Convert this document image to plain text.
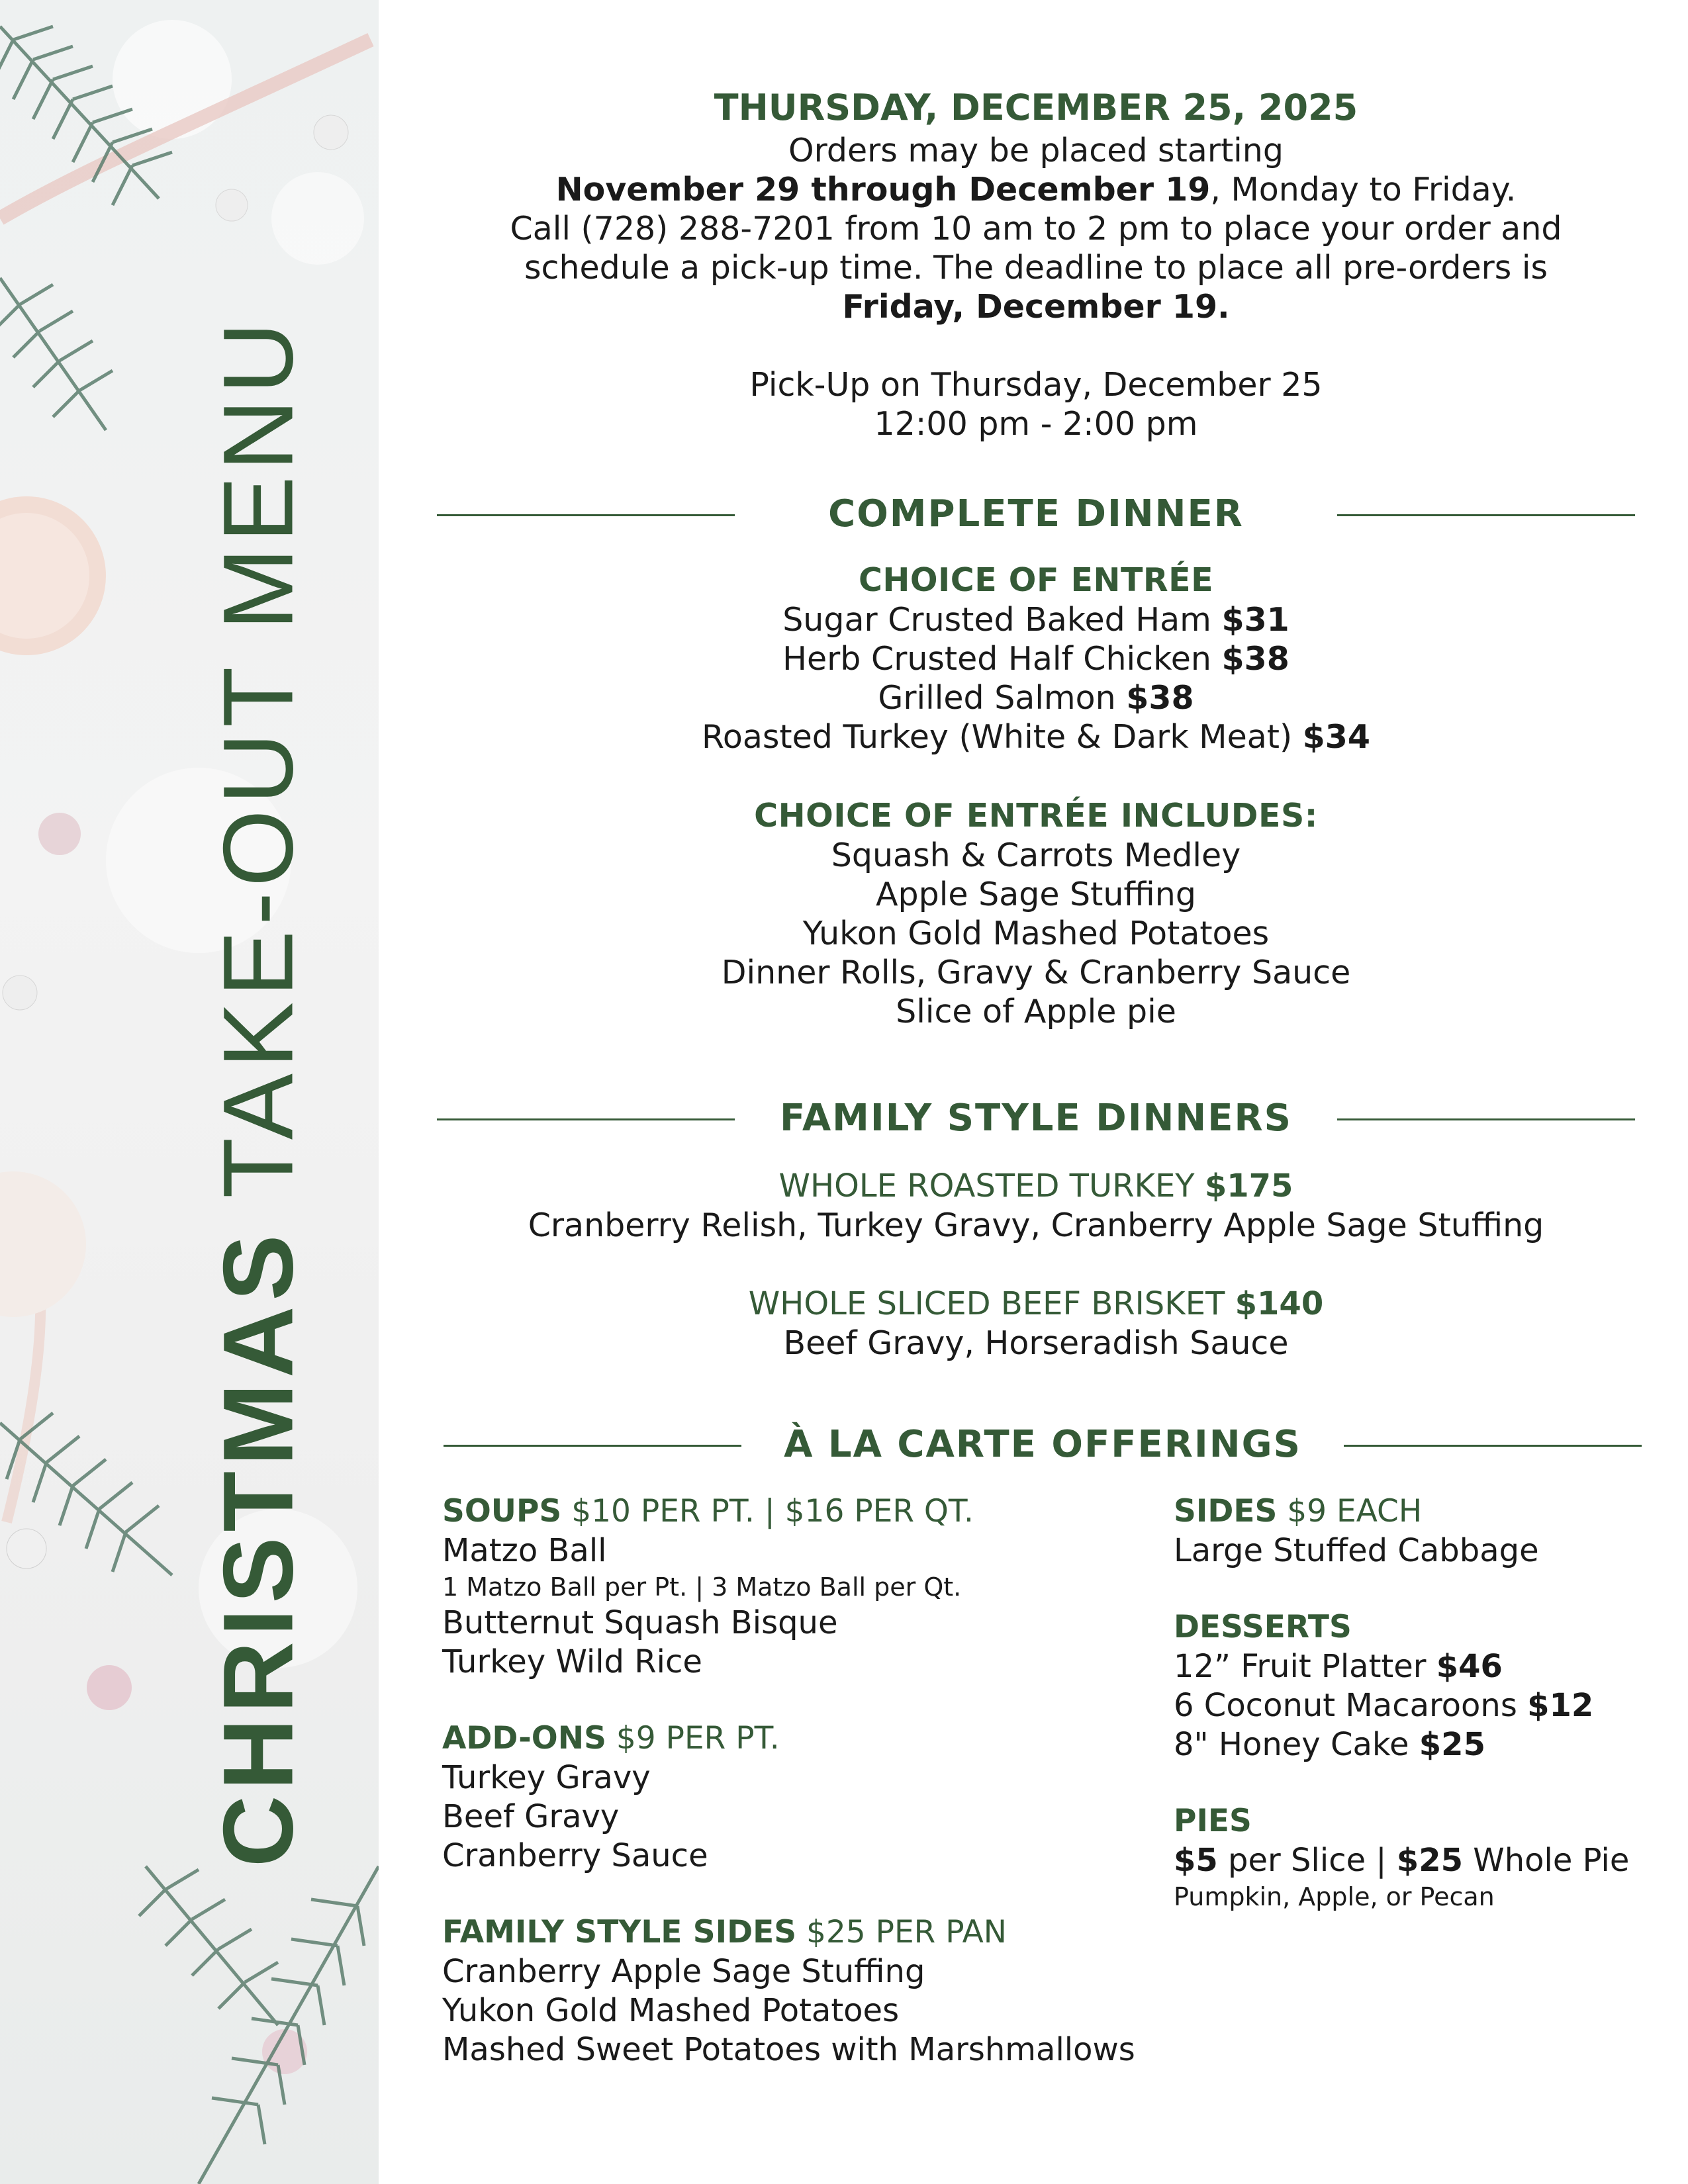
CHRISTMAS TAKE-OUT MENU
THURSDAY, DECEMBER 25, 2025
Orders may be placed starting
November 29 through December 19, Monday to Friday.
Call (728) 288-7201 from 10 am to 2 pm to place your order and
schedule a pick-up time. The deadline to place all pre-orders is
Friday, December 19.
Pick-Up on Thursday, December 25
12:00 pm - 2:00 pm
COMPLETE DINNER
CHOICE OF ENTRÉE
Sugar Crusted Baked Ham $31
Herb Crusted Half Chicken $38
Grilled Salmon $38
Roasted Turkey (White & Dark Meat) $34
CHOICE OF ENTRÉE INCLUDES:
Squash & Carrots Medley
Apple Sage Stuffing
Yukon Gold Mashed Potatoes
Dinner Rolls, Gravy & Cranberry Sauce
Slice of Apple pie
FAMILY STYLE DINNERS
WHOLE ROASTED TURKEY $175
Cranberry Relish, Turkey Gravy, Cranberry Apple Sage Stuffing
WHOLE SLICED BEEF BRISKET $140
Beef Gravy, Horseradish Sauce
À LA CARTE OFFERINGS
SOUPS $10 PER PT. | $16 PER QT.
Matzo Ball
1 Matzo Ball per Pt. | 3 Matzo Ball per Qt.
Butternut Squash Bisque
Turkey Wild Rice
ADD-ONS $9 PER PT.
Turkey Gravy
Beef Gravy
Cranberry Sauce
FAMILY STYLE SIDES $25 PER PAN
Cranberry Apple Sage Stuffing
Yukon Gold Mashed Potatoes
Mashed Sweet Potatoes with Marshmallows
SIDES $9 EACH
Large Stuffed Cabbage
DESSERTS
12” Fruit Platter $46
6 Coconut Macaroons $12
8" Honey Cake $25
PIES
$5 per Slice | $25 Whole Pie
Pumpkin, Apple, or Pecan
